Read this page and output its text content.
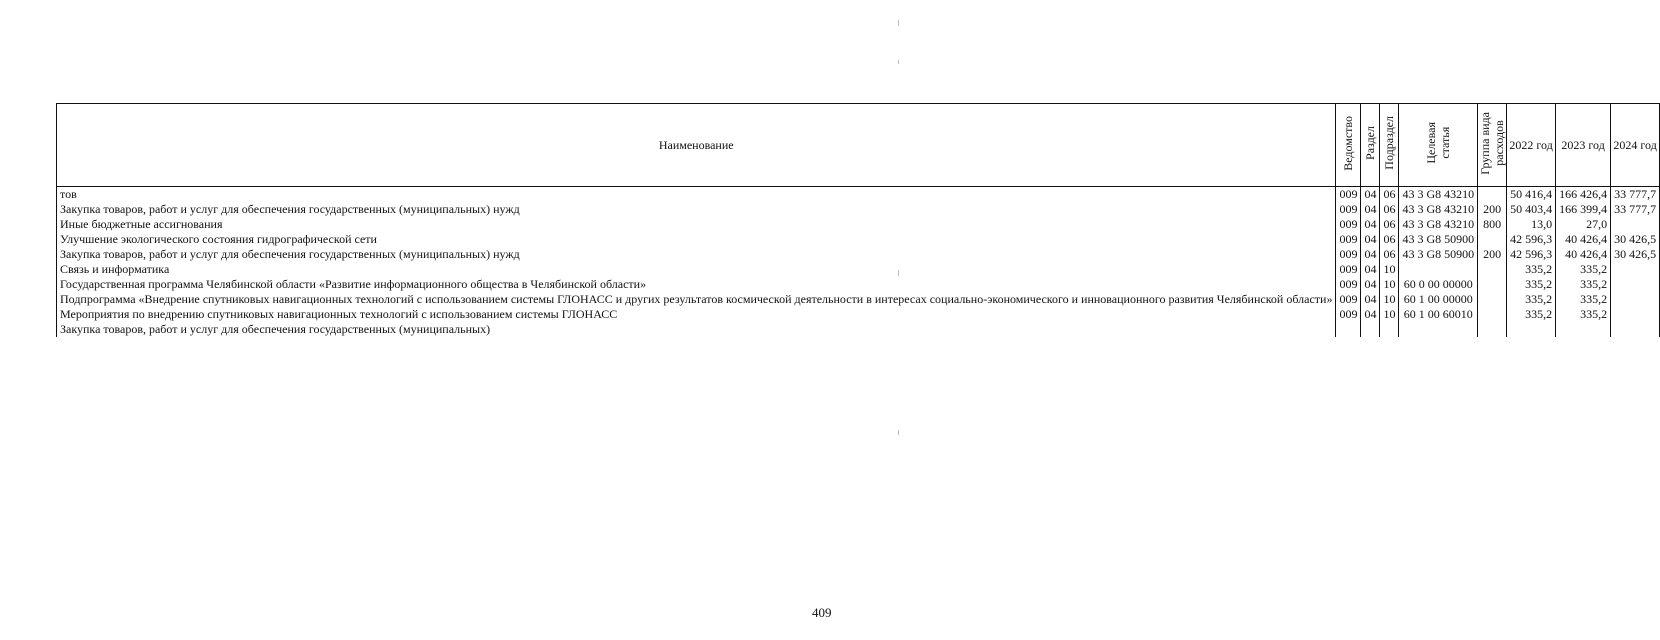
Наименование	Ведомство	Раздел	Подраздел	Целевая
статья	Группа вида
расходов	2022 год	2023 год	2024 год
тов	009	04	06	43 3 G8 43210		50 416,4	166 426,4	33 777,7
Закупка товаров, работ и услуг для обеспечения государственных (муниципальных) нужд	009	04	06	43 3 G8 43210	200	50 403,4	166 399,4	33 777,7
Иные бюджетные ассигнования	009	04	06	43 3 G8 43210	800	13,0	27,0	
Улучшение экологического состояния гидрографической сети	009	04	06	43 3 G8 50900		42 596,3	40 426,4	30 426,5
Закупка товаров, работ и услуг для обеспечения государственных (муниципальных) нужд	009	04	06	43 3 G8 50900	200	42 596,3	40 426,4	30 426,5
Связь и информатика	009	04	10			335,2	335,2	
Государственная программа Челябинской области «Развитие информационного общества в Челябинской области»	009	04	10	60 0 00 00000		335,2	335,2	
Подпрограмма «Внедрение спутниковых навигационных технологий с использованием системы ГЛОНАСС и других результатов космической деятельности в интересах социально-экономического и инновационного развития Челябинской области»	009	04	10	60 1 00 00000		335,2	335,2	
Мероприятия по внедрению спутниковых навигационных технологий с использованием системы ГЛОНАСС	009	04	10	60 1 00 60010		335,2	335,2	
Закупка товаров, работ и услуг для обеспечения государственных (муниципальных)								
409
